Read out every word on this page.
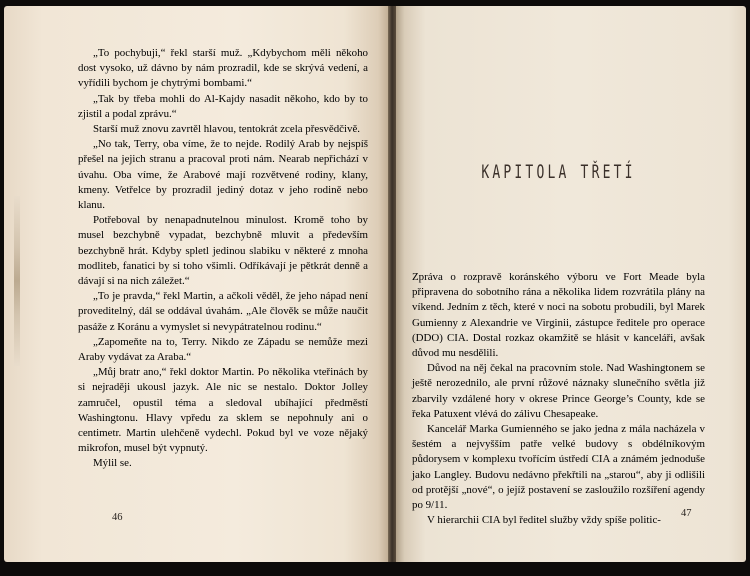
„To pochybuji,“ řekl starší muž. „Kdybychom měli někoho dost vysoko, už dávno by nám prozradil, kde se skrývá vedení, a vyřídili bychom je chytrými bombami.“

„Tak by třeba mohli do Al-Kajdy nasadit někoho, kdo by to zjistil a podal zprávu.“

Starší muž znovu zavrtěl hlavou, tentokrát zcela přesvědčivě.

„No tak, Terry, oba víme, že to nejde. Rodilý Arab by nejspíš přešel na jejich stranu a pracoval proti nám. Nearab nepřichází v úvahu. Oba víme, že Arabové mají rozvětvené rodiny, klany, kmeny. Vetřelce by prozradil jediný dotaz v jeho rodině nebo klanu.

Potřeboval by nenapadnutelnou minulost. Kromě toho by musel bezchybně vypadat, bezchybně mluvit a především bezchybně hrát. Kdyby spletl jedinou slabiku v některé z mnoha modliteb, fanatici by si toho všimli. Odříkávají je pětkrát denně a dávají si na nich záležet.“

„To je pravda,“ řekl Martin, a ačkoli věděl, že jeho nápad není proveditelný, dál se oddával úvahám. „Ale člověk se může naučit pasáže z Koránu a vymyslet si nevypátratelnou rodinu.“

„Zapomeňte na to, Terry. Nikdo ze Západu se nemůže mezi Araby vydávat za Araba.“

„Můj bratr ano,“ řekl doktor Martin. Po několika vteřinách by si nejraději ukousl jazyk. Ale nic se nestalo. Doktor Jolley zamručel, opustil téma a sledoval ubíhající předměstí Washingtonu. Hlavy vpředu za sklem se nepohnuly ani o centimetr. Martin ulehčeně vydechl. Pokud byl ve voze nějaký mikrofon, musel být vypnutý.

Mýlil se.

46
KAPITOLA TŘETÍ

Zpráva o rozpravě koránského výboru ve Fort Meade byla připravena do sobotního rána a několika lidem rozvrátila plány na víkend. Jedním z těch, které v noci na sobotu probudili, byl Marek Gumienny z Alexandrie ve Virginii, zástupce ředitele pro operace (DDO) CIA. Dostal rozkaz okamžitě se hlásit v kanceláři, avšak důvod mu nesdělili.

Důvod na něj čekal na pracovním stole. Nad Washingtonem se ještě nerozednilo, ale první růžové náznaky slunečního světla již zbarvily vzdálené hory v okrese Prince George’s County, kde se řeka Patuxent vlévá do zálivu Chesapeake.

Kancelář Marka Gumienného se jako jedna z mála nacházela v šestém a nejvyšším patře velké budovy s obdélníkovým půdorysem v komplexu tvořícím ústředí CIA a známém jednoduše jako Langley. Budovu nedávno překřtili na „starou“, aby ji odlišili od protější „nové“, o jejíž postavení se zasloužilo rozšíření agendy po 9/11.

V hierarchii CIA byl ředitel služby vždy spíše politic-

47
